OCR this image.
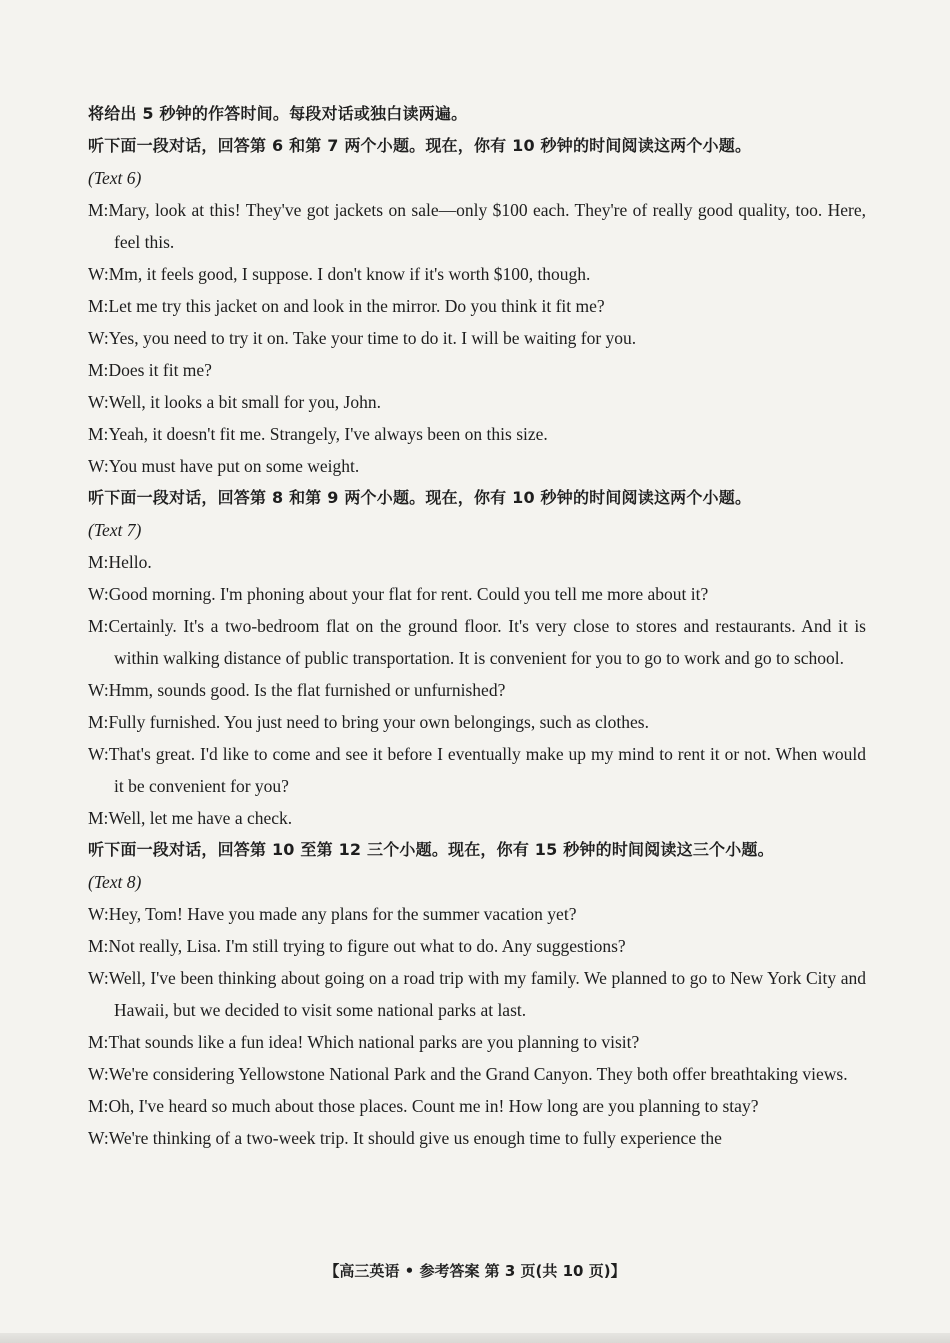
将给出 5 秒钟的作答时间。每段对话或独白读两遍。

听下面一段对话，回答第 6 和第 7 两个小题。现在，你有 10 秒钟的时间阅读这两个小题。

(Text 6)

M:Mary, look at this! They've got jackets on sale—only $100 each. They're of really good quality, too. Here, feel this.

W:Mm, it feels good, I suppose. I don't know if it's worth $100, though.

M:Let me try this jacket on and look in the mirror. Do you think it fit me?

W:Yes, you need to try it on. Take your time to do it. I will be waiting for you.

M:Does it fit me?

W:Well, it looks a bit small for you, John.

M:Yeah, it doesn't fit me. Strangely, I've always been on this size.

W:You must have put on some weight.

听下面一段对话，回答第 8 和第 9 两个小题。现在，你有 10 秒钟的时间阅读这两个小题。

(Text 7)

M:Hello.

W:Good morning. I'm phoning about your flat for rent. Could you tell me more about it?

M:Certainly. It's a two-bedroom flat on the ground floor. It's very close to stores and restaurants. And it is within walking distance of public transportation. It is convenient for you to go to work and go to school.

W:Hmm, sounds good. Is the flat furnished or unfurnished?

M:Fully furnished. You just need to bring your own belongings, such as clothes.

W:That's great. I'd like to come and see it before I eventually make up my mind to rent it or not. When would it be convenient for you?

M:Well, let me have a check.

听下面一段对话，回答第 10 至第 12 三个小题。现在，你有 15 秒钟的时间阅读这三个小题。

(Text 8)

W:Hey, Tom! Have you made any plans for the summer vacation yet?

M:Not really, Lisa. I'm still trying to figure out what to do. Any suggestions?

W:Well, I've been thinking about going on a road trip with my family. We planned to go to New York City and Hawaii, but we decided to visit some national parks at last.

M:That sounds like a fun idea! Which national parks are you planning to visit?

W:We're considering Yellowstone National Park and the Grand Canyon. They both offer breathtaking views.

M:Oh, I've heard so much about those places. Count me in! How long are you planning to stay?

W:We're thinking of a two-week trip. It should give us enough time to fully experience the

【高三英语 • 参考答案 第 3 页(共 10 页)】
